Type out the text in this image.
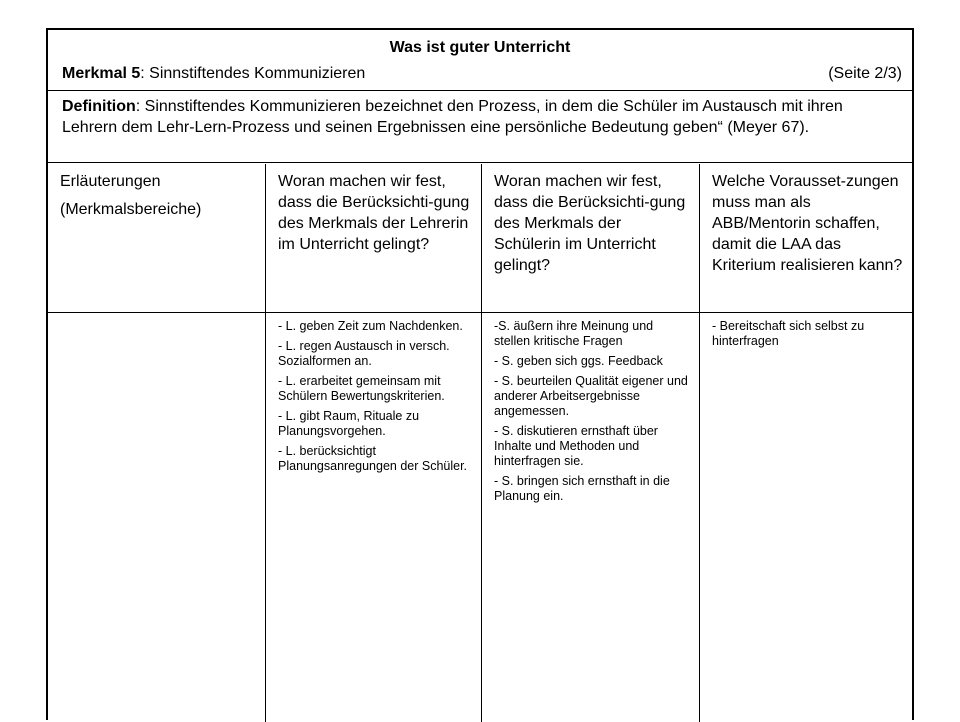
Was ist guter Unterricht
Merkmal 5: Sinnstiftendes Kommunizieren	(Seite 2/3)
Definition: Sinnstiftendes Kommunizieren bezeichnet den Prozess, in dem die Schüler im Austausch mit ihren Lehrern dem Lehr-Lern-Prozess und seinen Ergebnissen eine persönliche Bedeutung geben“ (Meyer 67).

Erläuterungen

(Merkmalsbereiche)

Woran machen wir fest, dass die Berücksichti-gung des Merkmals der Lehrerin im Unterricht gelingt?

- L. geben Zeit zum Nachdenken.

- L. regen Austausch in versch. Sozialformen an.

- L. erarbeitet gemeinsam mit Schülern Bewertungskriterien.

- L. gibt Raum, Rituale zu Planungsvorgehen.

- L. berücksichtigt Planungsanregungen der Schüler.

Woran machen wir fest, dass die Berücksichti-gung des Merkmals der Schülerin im Unterricht gelingt?

-S. äußern ihre Meinung und stellen kritische Fragen

- S. geben sich ggs. Feedback

- S. beurteilen Qualität eigener und anderer Arbeitsergebnisse angemessen.

- S. diskutieren ernsthaft über Inhalte und Methoden und hinterfragen sie.

- S. bringen sich ernsthaft in die Planung ein.

Welche Vorausset-zungen muss man als ABB/Mentorin schaffen, damit die LAA das Kriterium realisieren kann?

- Bereitschaft sich selbst zu hinterfragen
